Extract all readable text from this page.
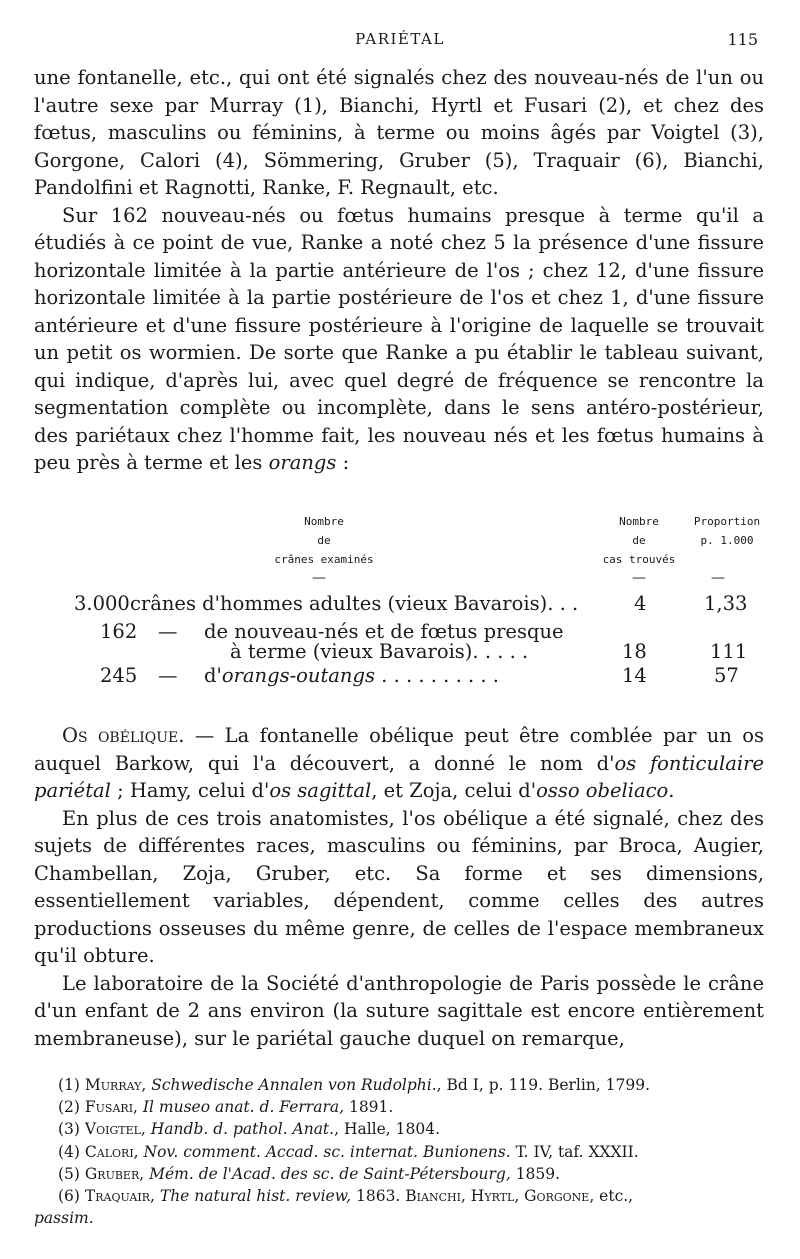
PARIÉTAL	115

une fontanelle, etc., qui ont été signalés chez des nouveau-nés de l'un ou l'autre sexe par Murray (1), Bianchi, Hyrtl et Fusari (2), et chez des fœtus, masculins ou féminins, à terme ou moins âgés par Voigtel (3), Gorgone, Calori (4), Sömmering, Gruber (5), Traquair (6), Bianchi, Pandolfini et Ragnotti, Ranke, F. Regnault, etc.

Sur 162 nouveau-nés ou fœtus humains presque à terme qu'il a étudiés à ce point de vue, Ranke a noté chez 5 la présence d'une fissure horizontale limitée à la partie antérieure de l'os ; chez 12, d'une fissure horizontale limitée à la partie postérieure de l'os et chez 1, d'une fissure antérieure et d'une fissure postérieure à l'origine de laquelle se trouvait un petit os wormien. De sorte que Ranke a pu établir le tableau suivant, qui indique, d'après lui, avec quel degré de fréquence se rencontre la segmentation complète ou incomplète, dans le sens antéro-postérieur, des pariétaux chez l'homme fait, les nouveau nés et les fœtus humains à peu près à terme et les orangs :

Nombre
de
crânes examinés
Nombre
de
cas trouvés
Proportion
p. 1.000
—	—	—
3.000 crânes d'hommes adultes (vieux Bavarois). . .	4	1,33
162 — de nouveau-nés et de fœtus presque
à terme (vieux Bavarois). . . . .	18	111
245 — d'orangs-outangs . . . . . . . . . .	14	57

Os obélique. — La fontanelle obélique peut être comblée par un os auquel Barkow, qui l'a découvert, a donné le nom d'os fonticulaire pariétal ; Hamy, celui d'os sagittal, et Zoja, celui d'osso obeliaco.

En plus de ces trois anatomistes, l'os obélique a été signalé, chez des sujets de différentes races, masculins ou féminins, par Broca, Augier, Chambellan, Zoja, Gruber, etc. Sa forme et ses dimensions, essentiellement variables, dépendent, comme celles des autres productions osseuses du même genre, de celles de l'espace membraneux qu'il obture.

Le laboratoire de la Société d'anthropologie de Paris possède le crâne d'un enfant de 2 ans environ (la suture sagittale est encore entièrement membraneuse), sur le pariétal gauche duquel on remarque,

(1) Murray, Schwedische Annalen von Rudolphi., Bd I, p. 119. Berlin, 1799.

(2) Fusari, Il museo anat. d. Ferrara, 1891.

(3) Voigtel, Handb. d. pathol. Anat., Halle, 1804.

(4) Calori, Nov. comment. Accad. sc. internat. Bunionens. T. IV, taf. XXXII.

(5) Gruber, Mém. de l'Acad. des sc. de Saint-Pétersbourg, 1859.

(6) Traquair, The natural hist. review, 1863. Bianchi, Hyrtl, Gorgone, etc.,

passim.
